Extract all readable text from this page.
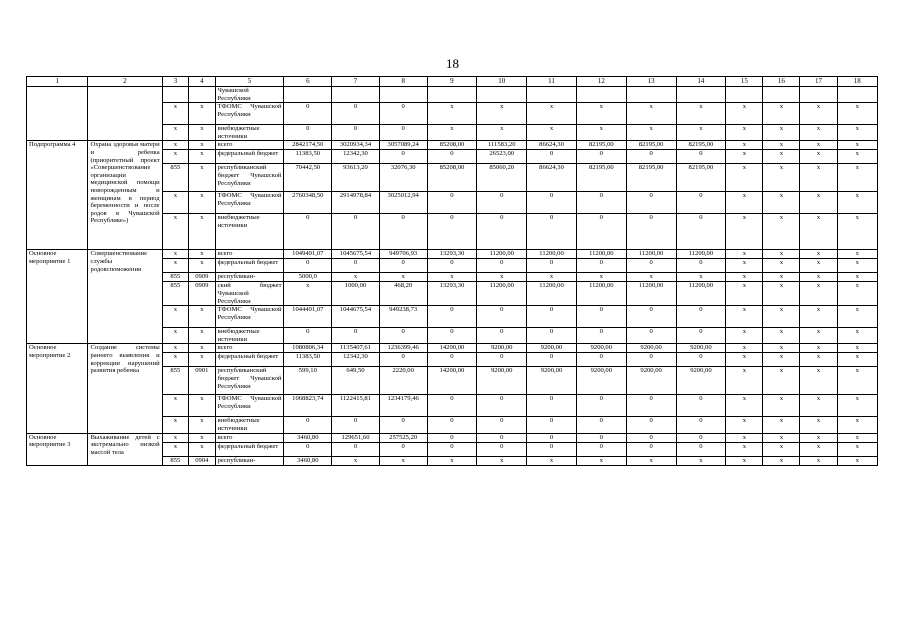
18
1	2	3	4	5	6	7	8	9	10	11	12	13	14	15	16	17	18
				Чувашской Республики													
		х	х	ТФОМС Чувашской Республики	0	0	0	х	х	х	х	х	х	х	х	х	х
		х	х	внебюджетные источники	0	0	0	х	х	х	х	х	х	х	х	х	х
Подпрограмма 4	Охрана здоровья матери и ребенка (приоритетный проект «Совершенствование организации медицинской помощи новорожденным и женщинам в период беременности и после родов в Чувашской Республике»)	х	х	всего	2842174,50	3020934,34	3057089,24	85208,00	111583,20	86624,30	82195,00	82195,00	82195,00	х	х	х	х
		х	х	федеральный бюджет	11383,50	12342,30	0	0	26523,00	0	0	0	0	х	х	х	х
		855	х	республиканский бюджет Чувашской Республики	70442,50	93613,20	32076,30	85208,00	85060,20	86624,30	82195,00	82195,00	82195,00	х	х	х	х
		х	х	ТФОМС Чувашской Республики	2760348,50	2914978,84	3025012,94	0	0	0	0	0	0	х	х	х	х
		х	х	внебюджетные источники	0	0	0	0	0	0	0	0	0	х	х	х	х
Основное мероприятие 1	Совершенствование службы родовспоможения	х	х	всего	1049491,07	1045675,54	949706,93	13293,30	11200,00	11200,00	11200,00	11200,00	11200,00	х	х	х	х
		х	х	федеральный бюджет	0	0	0	0	0	0	0	0	0	х	х	х	х
		855	0909	республикан-	5000,0	х	х	х	х	х	х	х	х	х	х	х	х
		855	0909	ский бюджет Чувашской Республики	х	1000,00	468,20	13293,30	11200,00	11200,00	11200,00	11200,00	11200,00	х	х	х	х
		х	х	ТФОМС Чувашской Республики	1044491,07	1044675,54	949238,73	0	0	0	0	0	0	х	х	х	х
		х	х	внебюджетные источники	0	0	0	0	0	0	0	0	0	х	х	х	х
Основное мероприятие 2	Создание системы раннего выявления и коррекции нарушений развития ребенка	х	х	всего	1080806,34	1135407,61	1236399,46	14200,00	9200,00	9200,00	9200,00	9200,00	9200,00	х	х	х	х
		х	х	федеральный бюджет	11383,50	12342,30	0	0	0	0	0	0	0	х	х	х	х
		855	0901	республиканский бюджет Чувашской Республики	599,10	649,50	2220,00	14200,00	9200,00	9200,00	9200,00	9200,00	9200,00	х	х	х	х
		х	х	ТФОМС Чувашской Республики	1068823,74	1122415,81	1234179,46	0	0	0	0	0	0	х	х	х	х
		х	х	внебюджетные источники	0	0	0	0	0	0	0	0	0	х	х	х	х
Основное мероприятие 3	Выхаживание детей с экстремально низкой массой тела	х	х	всего	3460,80	129651,60	257525,20	0	0	0	0	0	0	х	х	х	х
		х	х	федеральный бюджет	0	0	0	0	0	0	0	0	0	х	х	х	х
		855	0904	республикан-	3460,80	х	х	х	х	х	х	х	х	х	х	х	х
